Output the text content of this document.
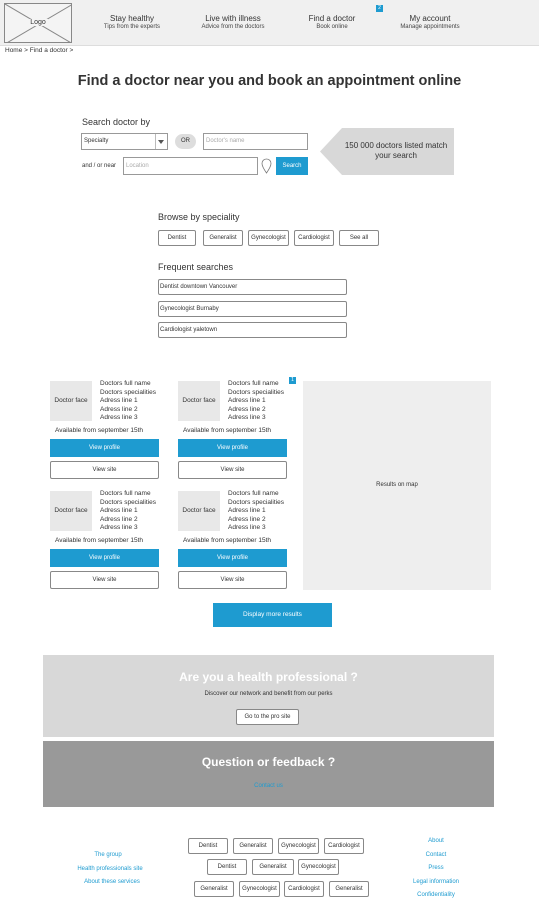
Logo	Stay healthy
Tips from the experts
Live with illness
Advice from the doctors
Find a doctor
Book online
My account
Manage appointments
2
Home > Find a doctor >
Find a doctor near you and book an appointment online
Search doctor by
Specialty	OR	Doctor's name
and / or near	Location	Search
150 000 doctors listed match your search
Browse by speciality
Dentist	Generalist	Gynecologist	Cardiologist	See all
Frequent searches
Dentist downtown Vancouver
Gynecologist Burnaby
Cardiologist yaletown
1
Doctor face
Doctors full name
Doctors specialities
Adress line 1
Adress line 2
Adress line 3
Available from september 15th
View profile
View site
Doctor face
Doctors full name
Doctors specialities
Adress line 1
Adress line 2
Adress line 3
Available from september 15th
View profile
View site
Doctor face
Doctors full name
Doctors specialities
Adress line 1
Adress line 2
Adress line 3
Available from september 15th
View profile
View site
Doctor face
Doctors full name
Doctors specialities
Adress line 1
Adress line 2
Adress line 3
Available from september 15th
View profile
View site
Results on map
Display more results
Are you a health professional ?
Discover our network and benefit from our perks
Go to the pro site
Question or feedback ?
Contact us
The group
Health professionals site
About these services
Dentist	Generalist	Gynecologist	Cardiologist
Dentist	Generalist	Gynecologist
Generalist	Gynecologist	Cardiologist	Generalist
About
Contact
Press
Legal information
Confidentiality
